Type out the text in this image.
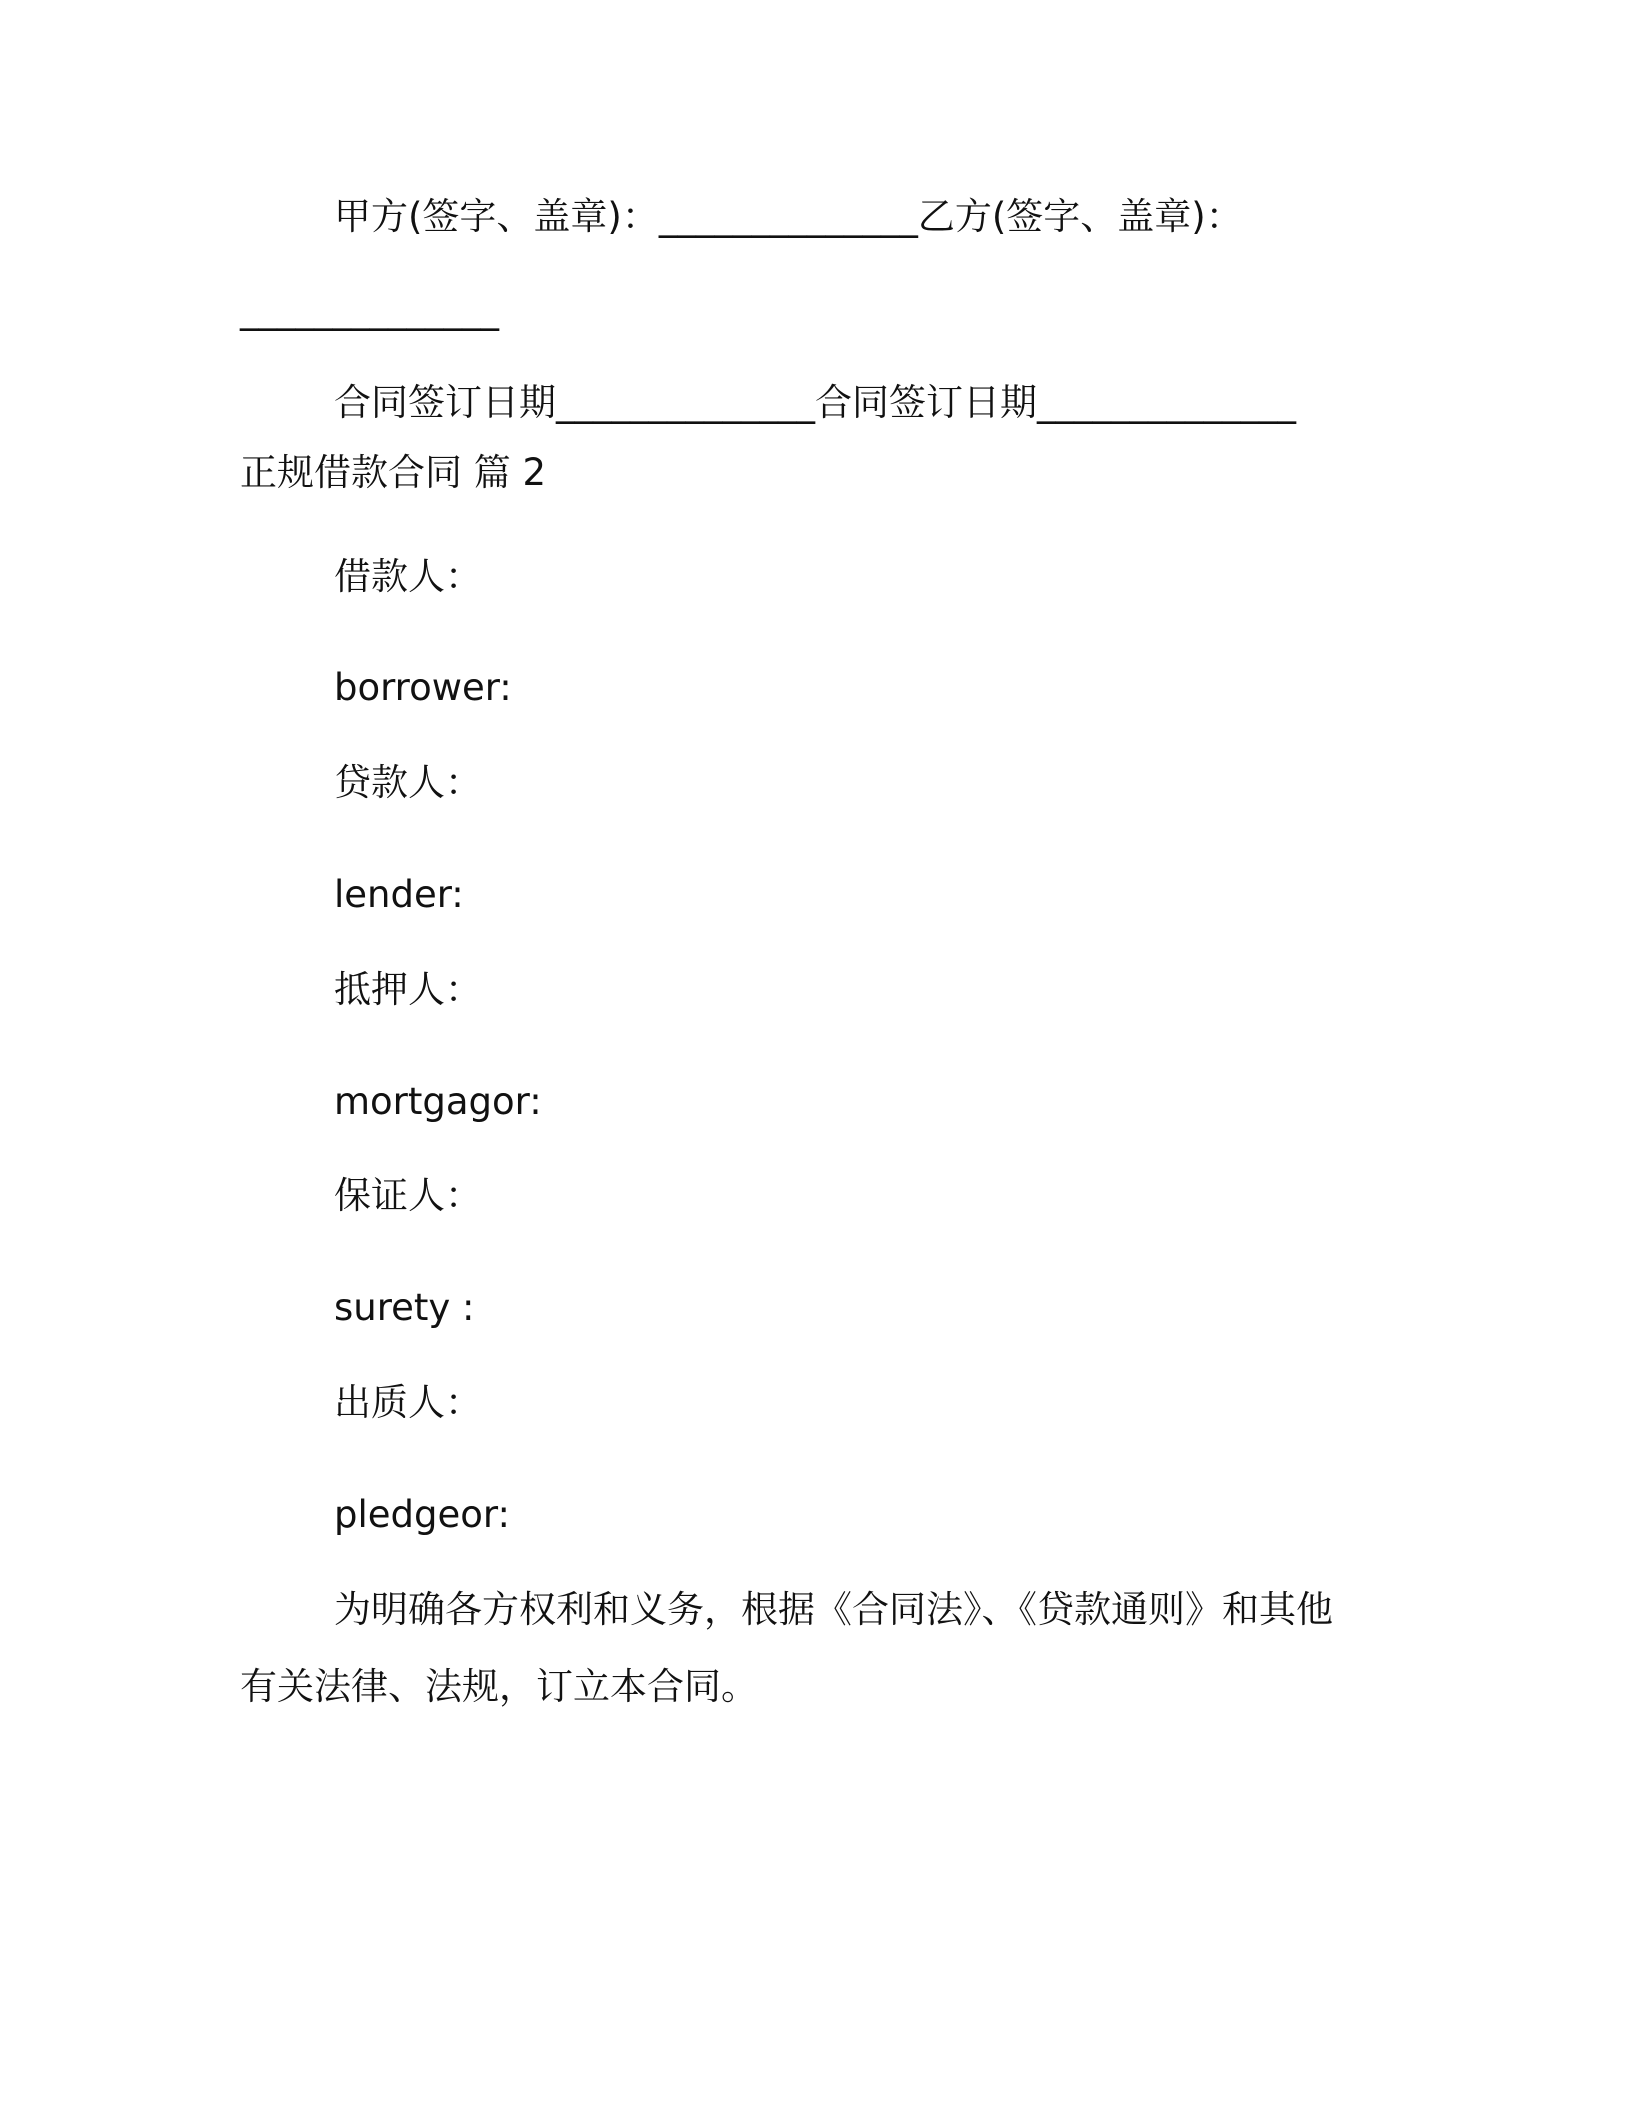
甲方(签字、盖章)：______________乙方(签字、盖章)：
______________
合同签订日期______________合同签订日期______________
正规借款合同 篇 2
借款人：
borrower:
贷款人：
lender:
抵押人：
mortgagor:
保证人：
surety :
出质人：
pledgeor:
为明确各方权利和义务，根据《合同法》、《贷款通则》和其他
有关法律、法规，订立本合同。
